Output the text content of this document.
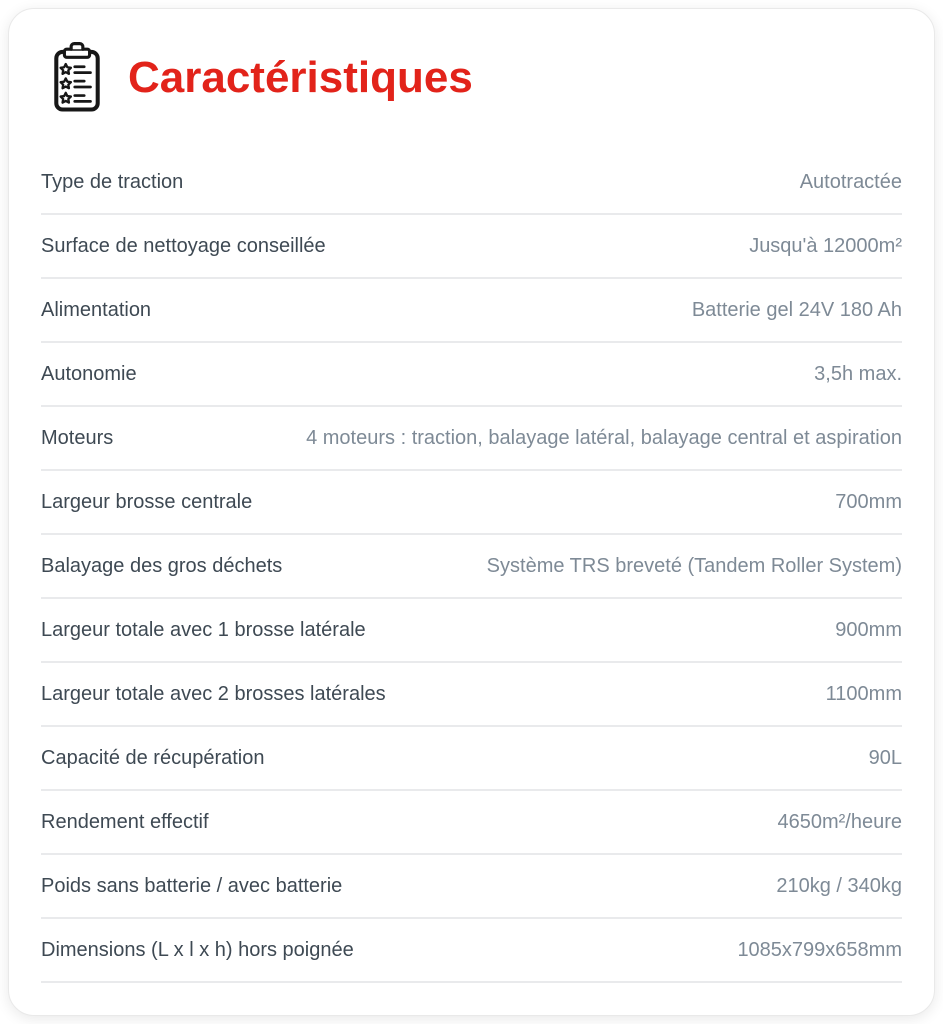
Caractéristiques
Type de traction	Autotractée
Surface de nettoyage conseillée	Jusqu'à 12000m²
Alimentation	Batterie gel 24V 180 Ah
Autonomie	3,5h max.
Moteurs	4 moteurs : traction, balayage latéral, balayage central et aspiration
Largeur brosse centrale	700mm
Balayage des gros déchets	Système TRS breveté (Tandem Roller System)
Largeur totale avec 1 brosse latérale	900mm
Largeur totale avec 2 brosses latérales	1100mm
Capacité de récupération	90L
Rendement effectif	4650m²/heure
Poids sans batterie / avec batterie	210kg / 340kg
Dimensions (L x l x h) hors poignée	1085x799x658mm
